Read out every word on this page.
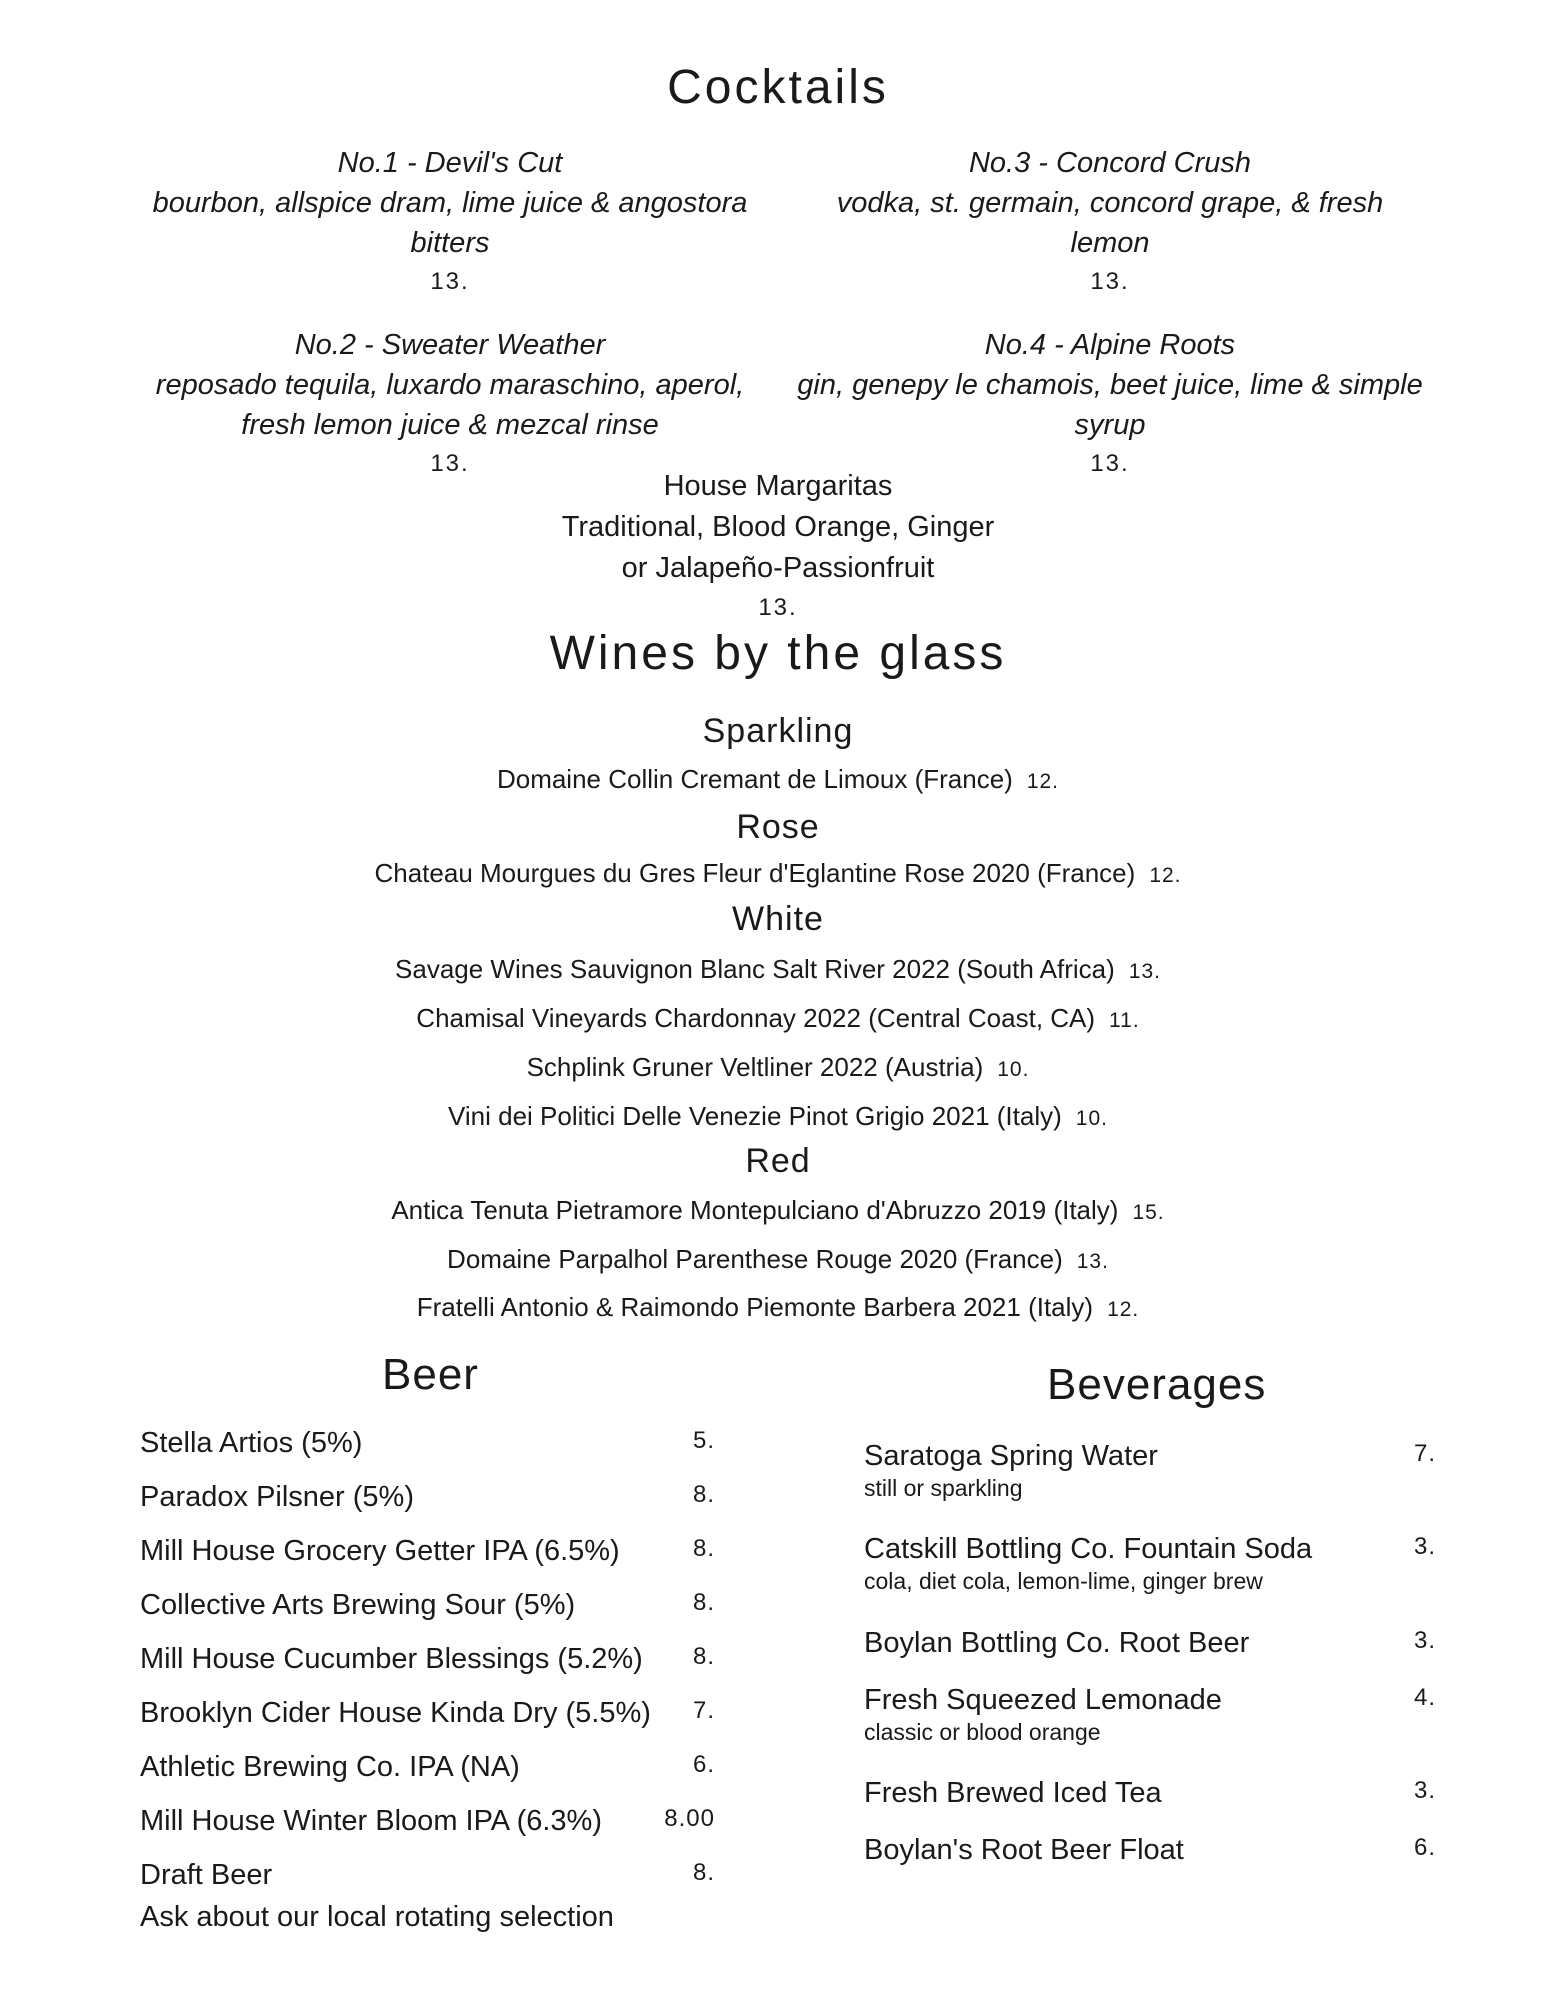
Cocktails
No.1 - Devil's Cut
bourbon, allspice dram, lime juice & angostora
bitters
13.
No.3 - Concord Crush
vodka, st. germain, concord grape, & fresh
lemon
13.
No.2 - Sweater Weather
reposado tequila, luxardo maraschino, aperol,
fresh lemon juice & mezcal rinse
13.
No.4 - Alpine Roots
gin, genepy le chamois, beet juice, lime & simple
syrup
13.
House Margaritas
Traditional, Blood Orange, Ginger
or Jalapeño-Passionfruit
13.
Wines by the glass
Sparkling
Domaine Collin Cremant de Limoux (France) 12.
Rose
Chateau Mourgues du Gres Fleur d'Eglantine Rose 2020 (France) 12.
White
Savage Wines Sauvignon Blanc Salt River 2022 (South Africa) 13.
Chamisal Vineyards Chardonnay 2022 (Central Coast, CA) 11.
Schplink Gruner Veltliner 2022 (Austria) 10.
Vini dei Politici Delle Venezie Pinot Grigio 2021 (Italy) 10.
Red
Antica Tenuta Pietramore Montepulciano d'Abruzzo 2019 (Italy) 15.
Domaine Parpalhol Parenthese Rouge 2020 (France) 13.
Fratelli Antonio & Raimondo Piemonte Barbera 2021 (Italy) 12.
Beer
Stella Artios (5%)	5.
Paradox Pilsner (5%)	8.
Mill House Grocery Getter IPA (6.5%)	8.
Collective Arts Brewing Sour (5%)	8.
Mill House Cucumber Blessings (5.2%) 8.
Brooklyn Cider House Kinda Dry (5.5%) 7.
Athletic Brewing Co. IPA (NA)	6.
Mill House Winter Bloom IPA (6.3%)	8.00
Draft Beer	8.
Ask about our local rotating selection
Beverages
Saratoga Spring Water
still or sparkling
7.
Catskill Bottling Co. Fountain Soda
cola, diet cola, lemon-lime, ginger brew
3.
Boylan Bottling Co. Root Beer	3.
Fresh Squeezed Lemonade
classic or blood orange
4.
Fresh Brewed Iced Tea	3.
Boylan's Root Beer Float	6.
